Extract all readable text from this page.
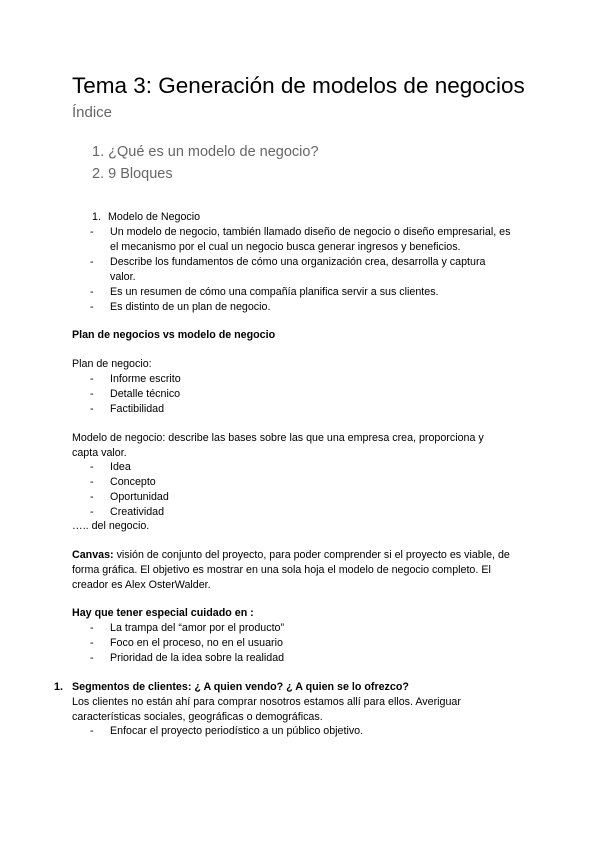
Tema 3: Generación de modelos de negocios
Índice
1. ¿Qué es un modelo de negocio?
2. 9 Bloques
1. Modelo de Negocio
- Un modelo de negocio, también llamado diseño de negocio o diseño empresarial, es
el mecanismo por el cual un negocio busca generar ingresos y beneficios.
- Describe los fundamentos de cómo una organización crea, desarrolla y captura
valor.
- Es un resumen de cómo una compañía planifica servir a sus clientes.
- Es distinto de un plan de negocio.
Plan de negocios vs modelo de negocio
Plan de negocio:
- Informe escrito
- Detalle técnico
- Factibilidad
Modelo de negocio: describe las bases sobre las que una empresa crea, proporciona y
capta valor.
- Idea
- Concepto
- Oportunidad
- Creatividad
….. del negocio.
Canvas: visión de conjunto del proyecto, para poder comprender si el proyecto es viable, de
forma gráfica. El objetivo es mostrar en una sola hoja el modelo de negocio completo. El
creador es Alex OsterWalder.
Hay que tener especial cuidado en :
- La trampa del “amor por el producto”
- Foco en el proceso, no en el usuario
- Prioridad de la idea sobre la realidad
1. Segmentos de clientes: ¿ A quien vendo? ¿ A quien se lo ofrezco?
Los clientes no están ahí para comprar nosotros estamos allí para ellos. Averiguar
características sociales, geográficas o demográficas.
- Enfocar el proyecto periodístico a un público objetivo.
